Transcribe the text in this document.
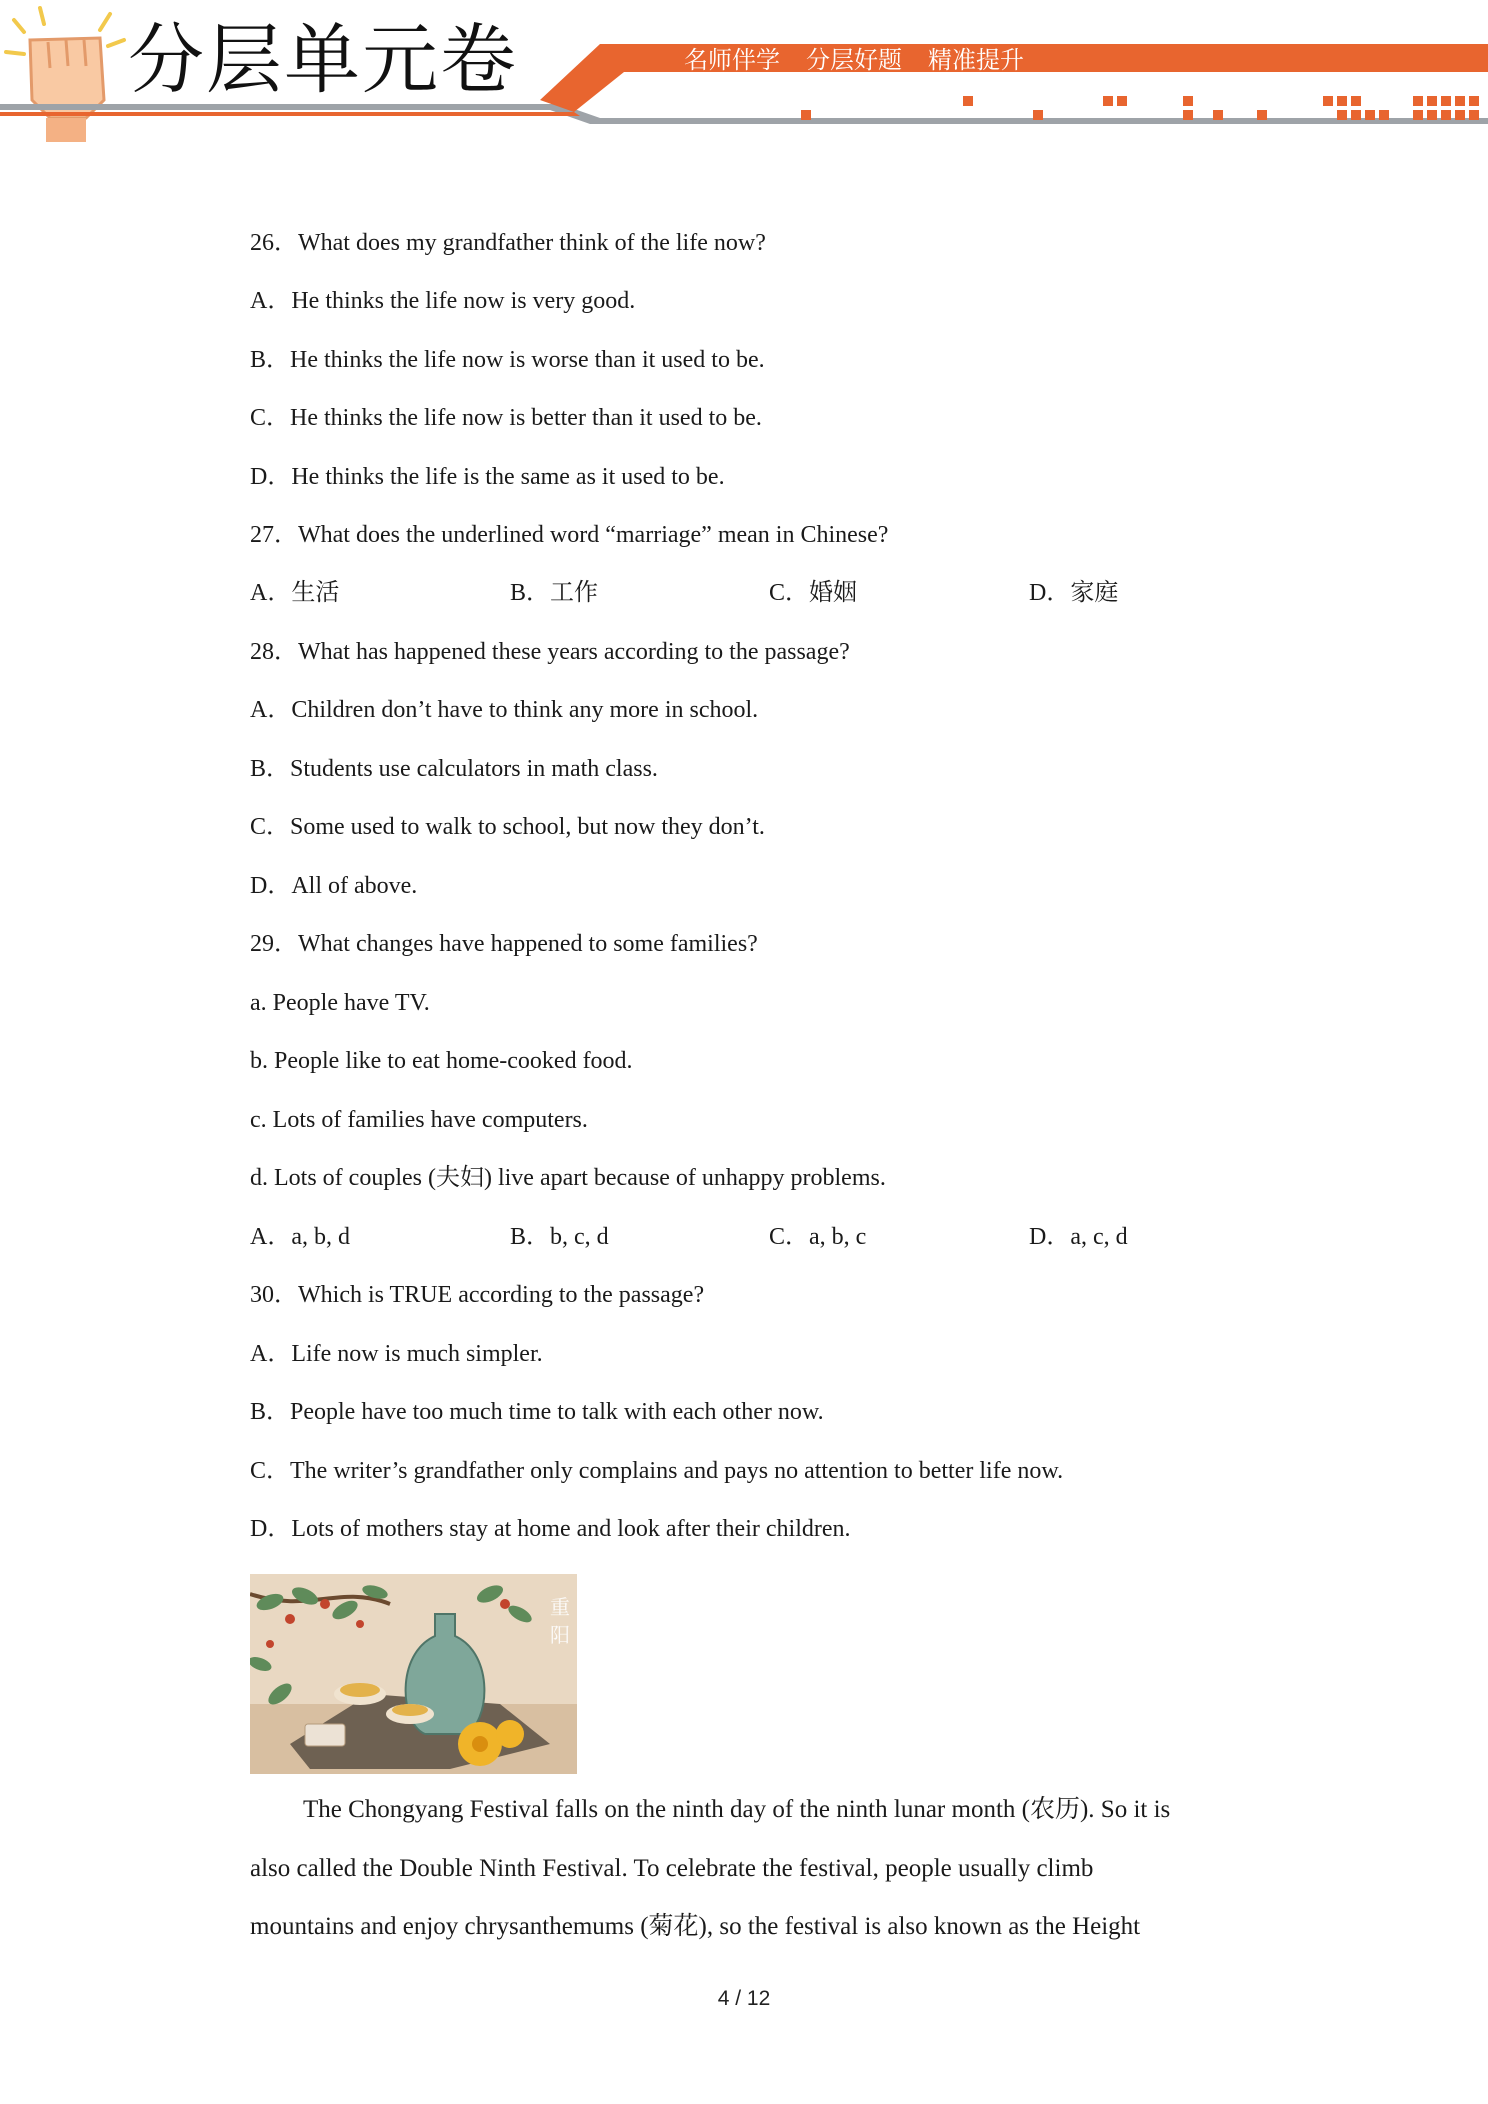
分层单元卷	名师伴学 分层好题 精准提升
26．What does my grandfather think of the life now?
A．He thinks the life now is very good.
B．He thinks the life now is worse than it used to be.
C．He thinks the life now is better than it used to be.
D．He thinks the life is the same as it used to be.
27．What does the underlined word “marriage” mean in Chinese?
A．生活	B．工作	C．婚姻	D．家庭
28．What has happened these years according to the passage?
A．Children don’t have to think any more in school.
B．Students use calculators in math class.
C．Some used to walk to school, but now they don’t.
D．All of above.
29．What changes have happened to some families?
a. People have TV.
b. People like to eat home-cooked food.
c. Lots of families have computers.
d. Lots of couples (夫妇) live apart because of unhappy problems.
A．a, b, d	B．b, c, d	C．a, b, c	D．a, c, d
30．Which is TRUE according to the passage?
A．Life now is much simpler.
B．People have too much time to talk with each other now.
C．The writer’s grandfather only complains and pays no attention to better life now.
D．Lots of mothers stay at home and look after their children.
重
阳
The Chongyang Festival falls on the ninth day of the ninth lunar month (农历). So it is
also called the Double Ninth Festival. To celebrate the festival, people usually climb
mountains and enjoy chrysanthemums (菊花), so the festival is also known as the Height
4 / 12
